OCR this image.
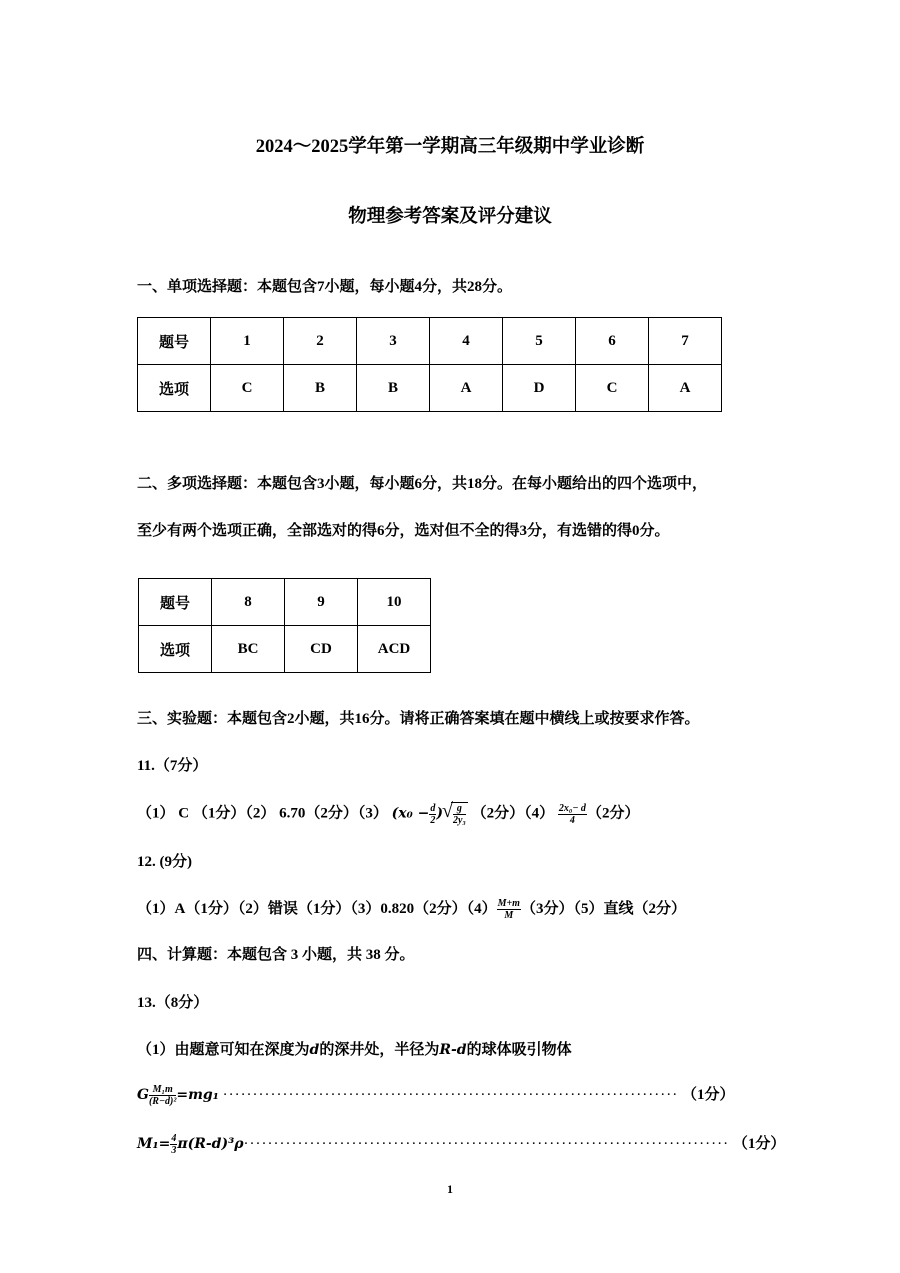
2024～2025学年第一学期高三年级期中学业诊断
物理参考答案及评分建议
一、单项选择题：本题包含7小题，每小题4分，共28分。
题号	1	2	3	4	5	6	7
选项	C	B	B	A	D	C	A
二、多项选择题：本题包含3小题，每小题6分，共18分。在每小题给出的四个选项中，
至少有两个选项正确，全部选对的得6分，选对但不全的得3分，有选错的得0分。
题号	8	9	10
选项	BC	CD	ACD
三、实验题：本题包含2小题，共16分。请将正确答案填在题中横线上或按要求作答。
11.（7分）
（1） C （1分）（2） 6.70（2分）（3） ($x_0 - \frac{d}{2}$ ) √ $\frac{g}{\text{2y₃}} (2$分）$(4) \frac{\text{2x₀− d}}{4} (2$分）
12. (9分)
（1）A（1分）（2）错误（1分）（3）0.820（2分）$(4) \frac{M+m}{M} (3$分）（5）直线（2分）
四、计算题：本题包含 3 小题，共 38 分。
13.（8分）
（1）由题意可知在深度为d的深井处，半径为R-d的球体吸引物体
G $\frac{\text{M₁m}}{\text{(R−d)²}} =mg_1$ ············································································ （1分）
$M_1= \frac{4}{3} \pi(R-d)^3\rho\cdot\cdot\cdot\cdot\cdot\cdot\cdot\cdot\cdot\cdot\cdot\cdot\cdot\cdot\cdot\cdot\cdot\cdot\cdot\cdot\cdot\cdot\cdot\cdot\cdot\cdot\cdot\cdot\cdot\cdot\cdot\cdot\cdot\cdot\cdot\cdot\cdot\cdot\cdot\cdot\cdot\cdot\cdot\cdot\cdot\cdot\cdot\cdot\cdot\cdot\cdot\cdot\cdot\cdot\cdot\cdot\cdot\cdot\cdot\cdot\cdot\cdot\cdot\cdot\cdot\cdot\cdot\cdot\cdot\cdot\cdot\cdot\cdot\cdot\cdot\cdot\cdot\cdot\cdot\cdot\cdot (1$分）
1
